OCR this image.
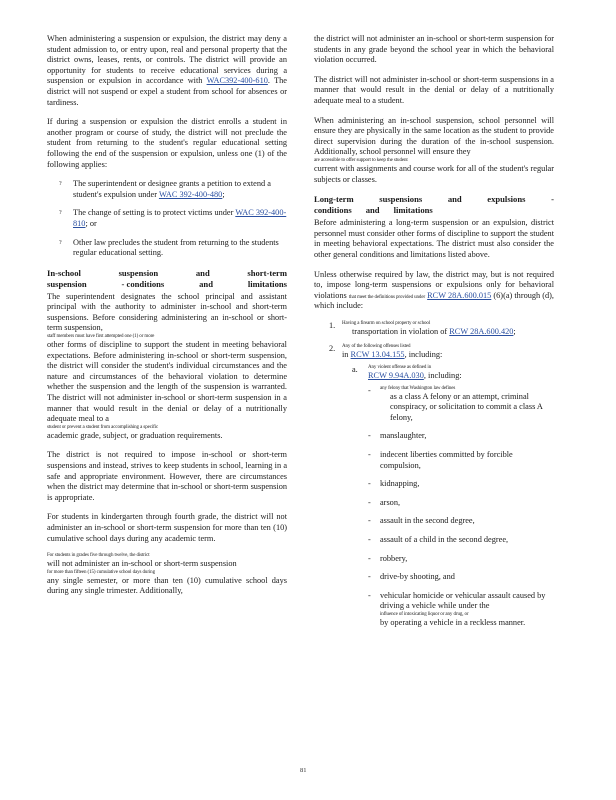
When administering a suspension or expulsion, the district may deny a student admission to, or entry upon, real and personal property that the district owns, leases, rents, or controls. The district will provide an opportunity for students to receive educational services during a suspension or expulsion in accordance with WAC392-400-610. The district will not suspend or expel a student from school for absences or tardiness.

If during a suspension or expulsion the district enrolls a student in another program or course of study, the district will not preclude the student from returning to the student's regular educational setting following the end of the suspension or expulsion, unless one (1) of the following applies:

? The superintendent or designee grants a petition to extend a student's expulsion under WAC 392-400-480;
? The change of setting is to protect victims under WAC 392-400-810; or
? Other law precludes the student from returning to the students regular educational setting.
In-school	suspension	and	short-term
suspension	- conditions	and	limitations

The superintendent designates the school principal and assistant principal with the authority to administer in-school and short-term suspensions. Before considering administering an in-school or short-term suspension,
staff members must have first attempted one (1) or more
other forms of discipline to support the student in meeting behavioral expectations. Before administering in-school or short-term suspension, the district will consider the student's individual circumstances and the nature and circumstances of the behavioral violation to determine whether the suspension and the length of the suspension is warranted. The district will not administer in-school or short-term suspension in a manner that would result in the denial or delay of a nutritionally adequate meal to a
student or prevent a student from accomplishing a specific
academic grade, subject, or graduation requirements.

The district is not required to impose in-school or short-term suspensions and instead, strives to keep students in school, learning in a safe and appropriate environment. However, there are circumstances when the district may determine that in-school or short-term suspension is appropriate.

For students in kindergarten through fourth grade, the district will not administer an in-school or short-term suspension for more than ten (10) cumulative school days during any academic term.

For students in grades five through twelve, the district
will not administer an in-school or short-term suspension
for more than fifteen (15) cumulative school days during
any single semester, or more than ten (10) cumulative school days during any single trimester. Additionally,

the district will not administer an in-school or short-term suspension for students in any grade beyond the school year in which the behavioral violation occurred.

The district will not administer in-school or short-term suspensions in a manner that would result in the denial or delay of a nutritionally adequate meal to a student.

When administering an in-school suspension, school personnel will ensure they are physically in the same location as the student to provide direct supervision during the duration of the in-school suspension. Additionally, school personnel will ensure they
are accessible to offer support to keep the student
current with assignments and course work for all of the student's regular subjects or classes.

Long-term	suspensions	and	expulsions	-
conditions and limitations

Before administering a long-term suspension or an expulsion, district personnel must consider other forms of discipline to support the student in meeting behavioral expectations. The district must also consider the other general conditions and limitations listed above.

Unless otherwise required by law, the district may, but is not required to, impose long-term suspensions or expulsions only for behavioral violations that meet the definitions provided under RCW 28A.600.015 (6)(a) through (d), which include:

1. Having a firearm on school property or school
transportation in violation of RCW 28A.600.420;
2. Any of the following offenses listed
in RCW 13.04.155, including:
a. Any violent offense as defined in
RCW 9.94A.030, including:
- any felony that Washington law defines
as a class A felony or an attempt, criminal conspiracy, or solicitation to commit a class A felony,
- manslaughter,
- indecent liberties committed by forcible compulsion,
- kidnapping,
- arson,
- assault in the second degree,
- assault of a child in the second degree,
- robbery,
- drive-by shooting, and
- vehicular homicide or vehicular assault caused by driving a vehicle while under the
influence of intoxicating liquor or any drug, or
by operating a vehicle in a reckless manner.
81
